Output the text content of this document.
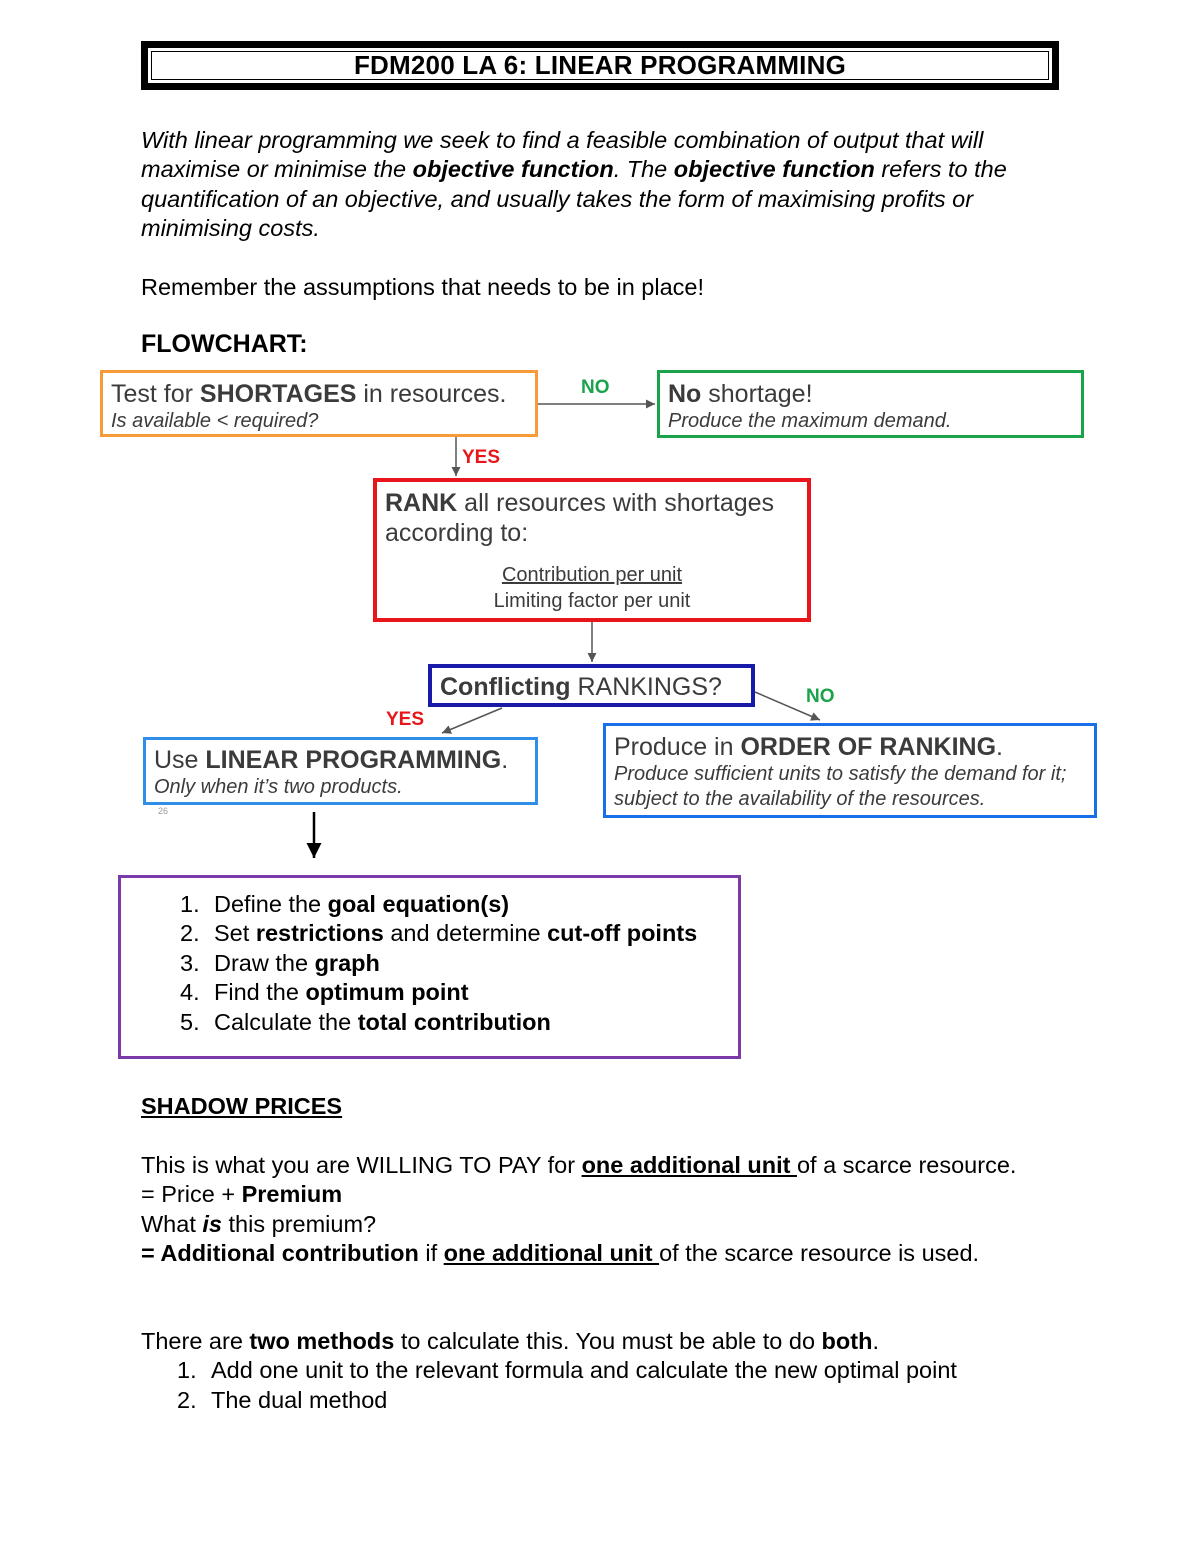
FDM200 LA 6: LINEAR PROGRAMMING
With linear programming we seek to find a feasible combination of output that will maximise or minimise the objective function. The objective function refers to the quantification of an objective, and usually takes the form of maximising profits or minimising costs.
Remember the assumptions that needs to be in place!
FLOWCHART:
NO
YES
YES
NO
Test for SHORTAGES in resources.
Is available < required?
No shortage!
Produce the maximum demand.
RANK all resources with shortages according to:
Contribution per unit
Limiting factor per unit
Conflicting RANKINGS?
Use LINEAR PROGRAMMING.
Only when it’s two products.
26
Produce in ORDER OF RANKING.
Produce sufficient units to satisfy the demand for it; subject to the availability of the resources.
1. Define the goal equation(s)
2. Set restrictions and determine cut-off points
3. Draw the graph
4. Find the optimum point
5. Calculate the total contribution
SHADOW PRICES
This is what you are WILLING TO PAY for one additional unit of a scarce resource.
= Price + Premium
What is this premium?
= Additional contribution if one additional unit of the scarce resource is used.
There are two methods to calculate this. You must be able to do both.
1. Add one unit to the relevant formula and calculate the new optimal point
2. The dual method
